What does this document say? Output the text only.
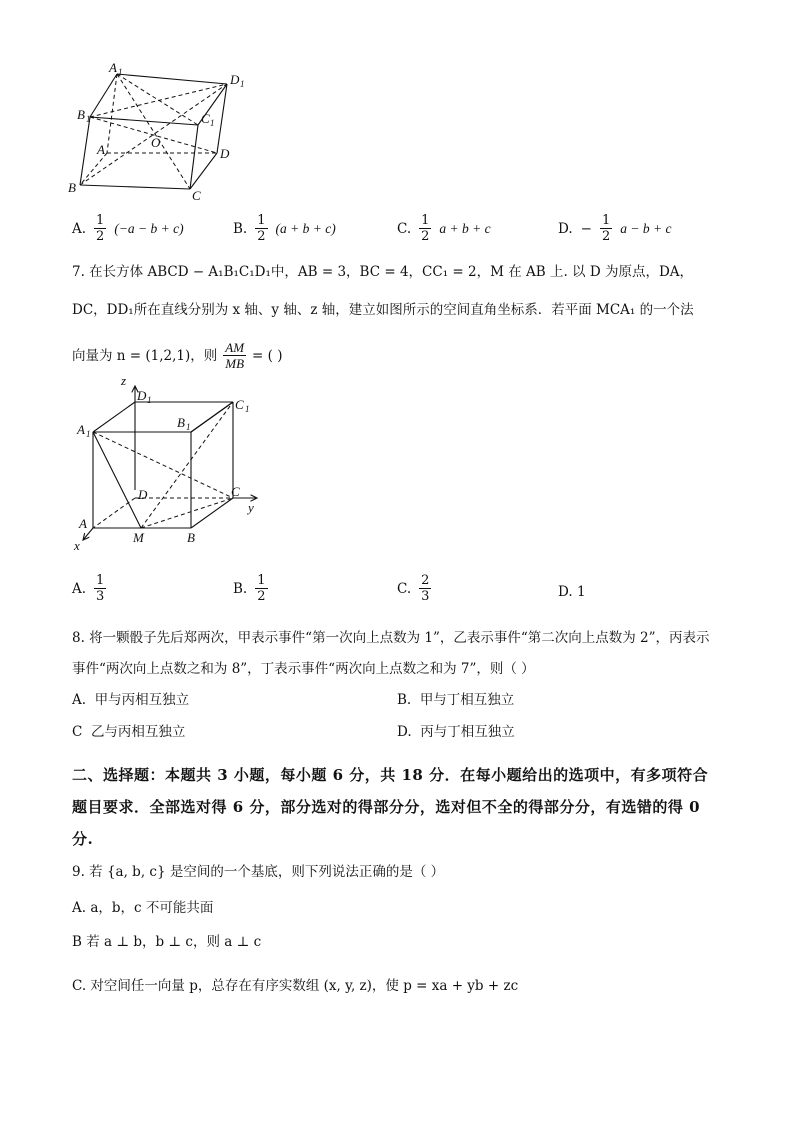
A 1	D 1
B 1	C 1
A	O
D
B
C
A. $\frac{1}{2} (-a - b + c)$	B. $\frac{1}{2} (a + b + c)$	C. $\frac{1}{2}$ a + b + c	D. − $\frac{1}{2}$ a − b + c
7. 在长方体 ABCD − A₁B₁C₁D₁中，AB = 3，BC = 4，CC₁ = 2，M 在 AB 上. 以 D 为原点，DA，
DC，DD₁所在直线分别为 x 轴、y 轴、z 轴，建立如图所示的空间直角坐标系．若平面 MCA₁ 的一个法
向量为 n = (1,2,1)，则 $\frac{AM}{MB}$ = ( )
z
D 1	C 1
A 1
B 1
D	C
y
A
M	B
x
A. $\frac{1}{3}$	B. $\frac{1}{2}$	C. $\frac{2}{3}$	D. 1
8. 将一颗骰子先后郑两次，甲表示事件“第一次向上点数为 1”，乙表示事件“第二次向上点数为 2”，丙表示
事件“两次向上点数之和为 8”，丁表示事件“两次向上点数之和为 7”，则（ ）
A. 甲与丙相互独立	B. 甲与丁相互独立
C 乙与丙相互独立	D. 丙与丁相互独立
二、选择题：本题共 3 小题，每小题 6 分，共 18 分．在每小题给出的选项中，有多项符合
题目要求．全部选对得 6 分，部分选对的得部分分，选对但不全的得部分分，有选错的得 0
分.
9. 若 {a, b, c} 是空间的一个基底，则下列说法正确的是（ ）
A. a，b，c 不可能共面
B 若 a ⊥ b，b ⊥ c，则 a ⊥ c
C. 对空间任一向量 p，总存在有序实数组 (x, y, z)，使 p = xa + yb + zc
